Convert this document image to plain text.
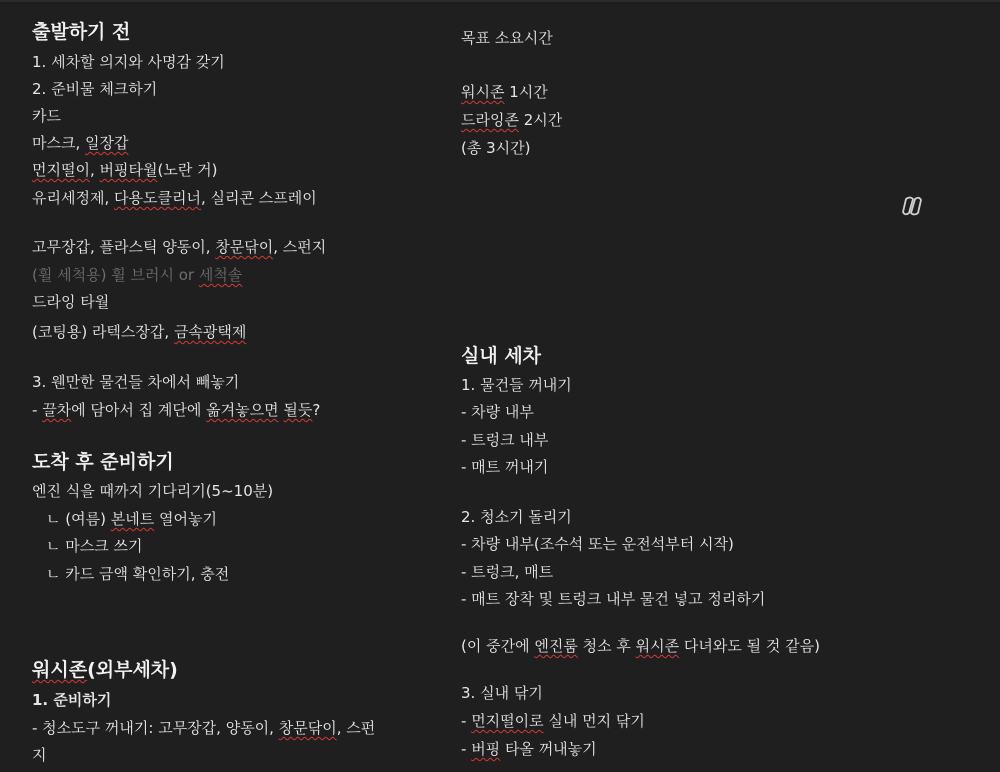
출발하기 전
1. 세차할 의지와 사명감 갖기
2. 준비물 체크하기
카드
마스크, 일장갑
먼지떨이, 버핑타월(노란 거)
유리세정제, 다용도클리너, 실리콘 스프레이
고무장갑, 플라스틱 양동이, 창문닦이, 스펀지
(휠 세척용) 휠 브러시 or 세척솔
드라잉 타월
(코팅용) 라텍스장갑, 금속광택제
3. 웬만한 물건들 차에서 빼놓기
- 끌차에 담아서 집 계단에 옮겨놓으면 될듯?
도착 후 준비하기
엔진 식을 때까지 기다리기(5~10분)
ㄴ (여름) 본네트 열어놓기
ㄴ 마스크 쓰기
ㄴ 카드 금액 확인하기, 충전
워시존(외부세차)
1. 준비하기
- 청소도구 꺼내기: 고무장갑, 양동이, 창문닦이, 스펀
지
목표 소요시간
워시존 1시간
드라잉존 2시간
(총 3시간)
실내 세차
1. 물건들 꺼내기
- 차량 내부
- 트렁크 내부
- 매트 꺼내기
2. 청소기 돌리기
- 차량 내부(조수석 또는 운전석부터 시작)
- 트렁크, 매트
- 매트 장착 및 트렁크 내부 물건 넣고 정리하기
(이 중간에 엔진룸 청소 후 워시존 다녀와도 될 것 같음)
3. 실내 닦기
- 먼지떨이로 실내 먼지 닦기
- 버핑 타올 꺼내놓기
